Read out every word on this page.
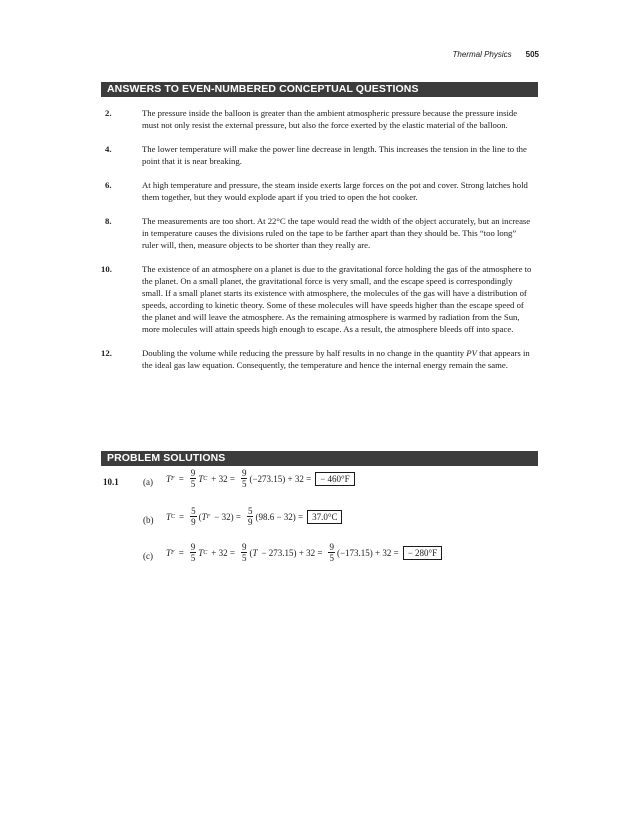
Thermal Physics 505
ANSWERS TO EVEN-NUMBERED CONCEPTUAL QUESTIONS
2.	The pressure inside the balloon is greater than the ambient atmospheric pressure because the pressure inside must not only resist the external pressure, but also the force exerted by the elastic material of the balloon.
4.	The lower temperature will make the power line decrease in length. This increases the tension in the line to the point that it is near breaking.
6.	At high temperature and pressure, the steam inside exerts large forces on the pot and cover. Strong latches hold them together, but they would explode apart if you tried to open the hot cooker.
8.	The measurements are too short. At 22°C the tape would read the width of the object accurately, but an increase in temperature causes the divisions ruled on the tape to be farther apart than they should be. This “too long” ruler will, then, measure objects to be shorter than they really are.
10.	The existence of an atmosphere on a planet is due to the gravitational force holding the gas of the atmosphere to the planet. On a small planet, the gravitational force is very small, and the escape speed is correspondingly small. If a small planet starts its existence with atmosphere, the molecules of the gas will have a distribution of speeds, according to kinetic theory. Some of these molecules will have speeds higher than the escape speed of the planet and will leave the atmosphere. As the remaining atmosphere is warmed by radiation from the Sun, more molecules will attain speeds high enough to escape. As a result, the atmosphere bleeds off into space.
12.	Doubling the volume while reducing the pressure by half results in no change in the quantity PV that appears in the ideal gas law equation. Consequently, the temperature and hence the internal energy remain the same.
PROBLEM SOLUTIONS
10.1	(a) T $F = \frac{9}{5}$ T $C + 32 = \frac{9}{5} (-273.15) + 32$ =	− 460°F
(b) T $C = \frac{5}{9}$ ( T $F - 32) = \frac{5}{9} (98.6 - 32)$ =	37.0°C
(c) T $F = \frac{9}{5}$ T $C + 32 = \frac{9}{5}$ ( $T - 273.15) + 32 = \frac{9}{5} (-173.15) + 32$ =	− 280°F
